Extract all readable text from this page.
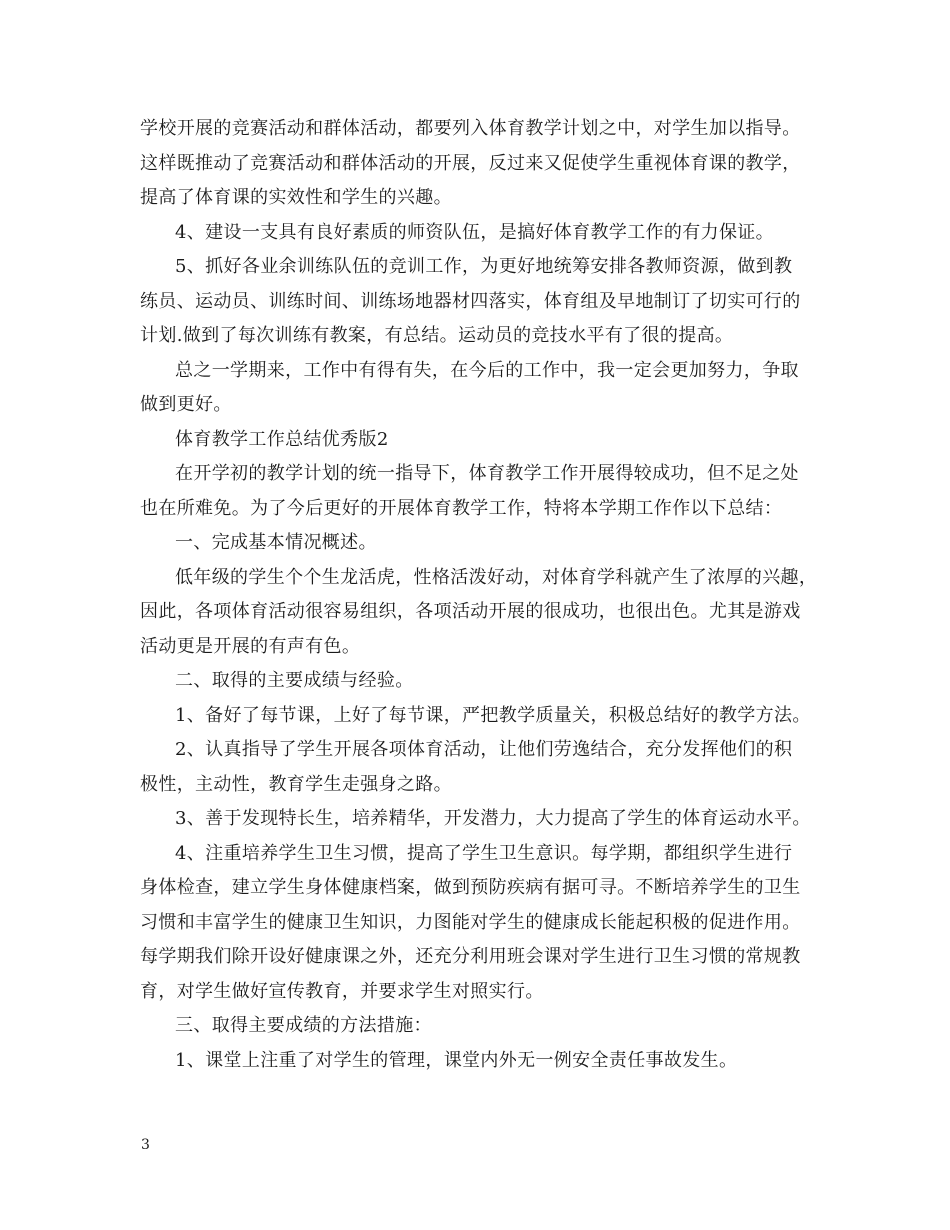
学校开展的竞赛活动和群体活动，都要列入体育教学计划之中，对学生加以指导。
这样既推动了竞赛活动和群体活动的开展，反过来又促使学生重视体育课的教学，
提高了体育课的实效性和学生的兴趣。
4、建设一支具有良好素质的师资队伍，是搞好体育教学工作的有力保证。
5、抓好各业余训练队伍的竞训工作，为更好地统筹安排各教师资源，做到教
练员、运动员、训练时间、训练场地器材四落实，体育组及早地制订了切实可行的
计划.做到了每次训练有教案，有总结。运动员的竞技水平有了很的提高。
总之一学期来，工作中有得有失，在今后的工作中，我一定会更加努力，争取
做到更好。
体育教学工作总结优秀版2
在开学初的教学计划的统一指导下，体育教学工作开展得较成功，但不足之处
也在所难免。为了今后更好的开展体育教学工作，特将本学期工作作以下总结：
一、完成基本情况概述。
低年级的学生个个生龙活虎，性格活泼好动，对体育学科就产生了浓厚的兴趣，
因此，各项体育活动很容易组织，各项活动开展的很成功，也很出色。尤其是游戏
活动更是开展的有声有色。
二、取得的主要成绩与经验。
1、备好了每节课，上好了每节课，严把教学质量关，积极总结好的教学方法。
2、认真指导了学生开展各项体育活动，让他们劳逸结合，充分发挥他们的积
极性，主动性，教育学生走强身之路。
3、善于发现特长生，培养精华，开发潜力，大力提高了学生的体育运动水平。
4、注重培养学生卫生习惯，提高了学生卫生意识。每学期，都组织学生进行
身体检查，建立学生身体健康档案，做到预防疾病有据可寻。不断培养学生的卫生
习惯和丰富学生的健康卫生知识，力图能对学生的健康成长能起积极的促进作用。
每学期我们除开设好健康课之外，还充分利用班会课对学生进行卫生习惯的常规教
育，对学生做好宣传教育，并要求学生对照实行。
三、取得主要成绩的方法措施：
1、课堂上注重了对学生的管理，课堂内外无一例安全责任事故发生。
3
